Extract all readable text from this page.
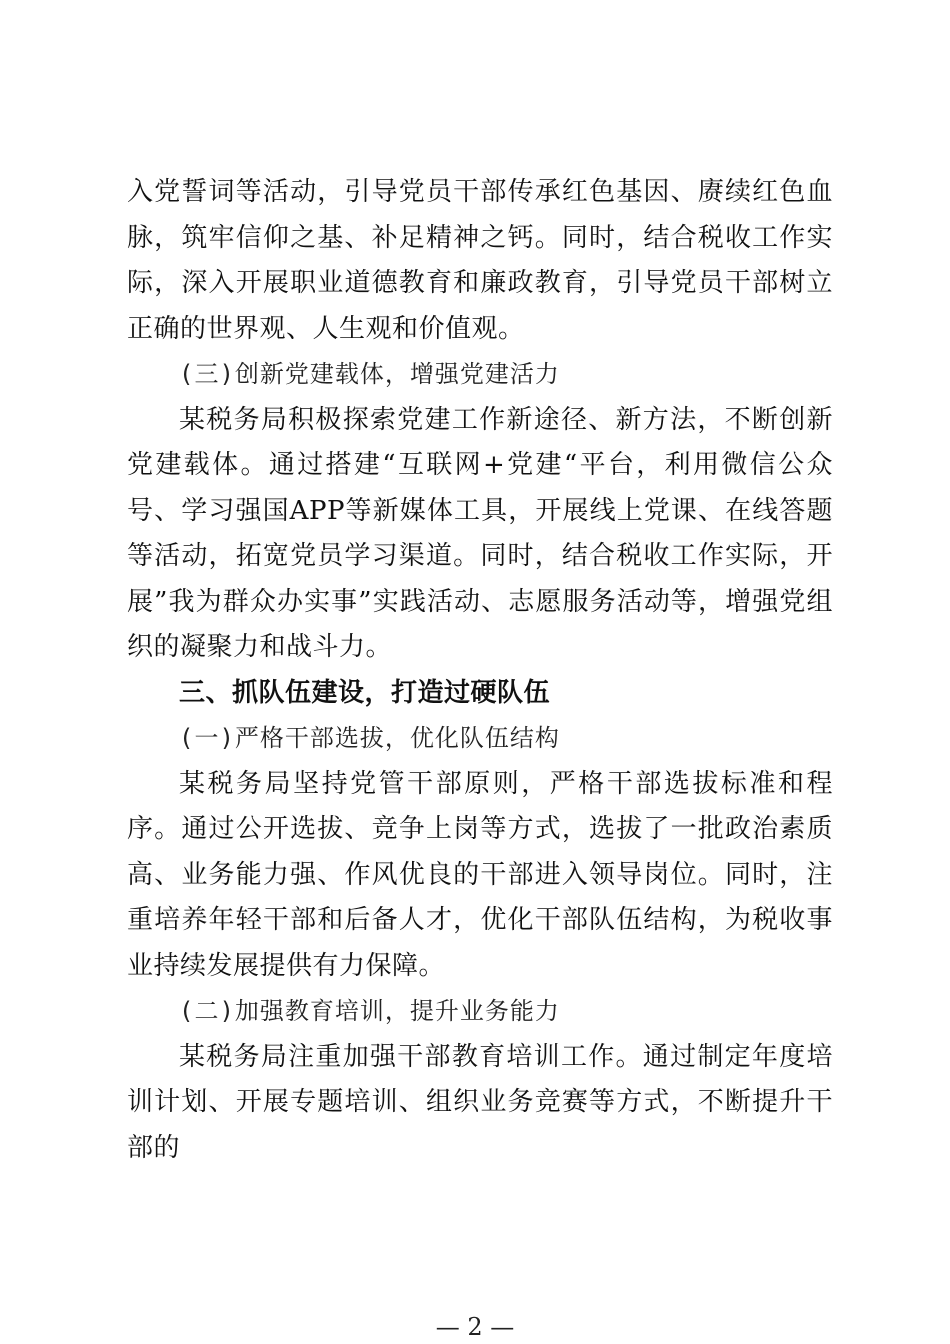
入党誓词等活动，引导党员干部传承红色基因、赓续红色血脉，筑牢信仰之基、补足精神之钙。同时，结合税收工作实际，深入开展职业道德教育和廉政教育，引导党员干部树立正确的世界观、人生观和价值观。

(三)创新党建载体，增强党建活力

某税务局积极探索党建工作新途径、新方法，不断创新党建载体。通过搭建“互联网+党建“平台，利用微信公众号、学习强国APP等新媒体工具，开展线上党课、在线答题等活动，拓宽党员学习渠道。同时，结合税收工作实际，开展”我为群众办实事”实践活动、志愿服务活动等，增强党组织的凝聚力和战斗力。

三、抓队伍建设，打造过硬队伍

(一)严格干部选拔，优化队伍结构

某税务局坚持党管干部原则，严格干部选拔标准和程序。通过公开选拔、竞争上岗等方式，选拔了一批政治素质高、业务能力强、作风优良的干部进入领导岗位。同时，注重培养年轻干部和后备人才，优化干部队伍结构，为税收事业持续发展提供有力保障。

(二)加强教育培训，提升业务能力

某税务局注重加强干部教育培训工作。通过制定年度培训计划、开展专题培训、组织业务竞赛等方式，不断提升干部的

— 2 —
